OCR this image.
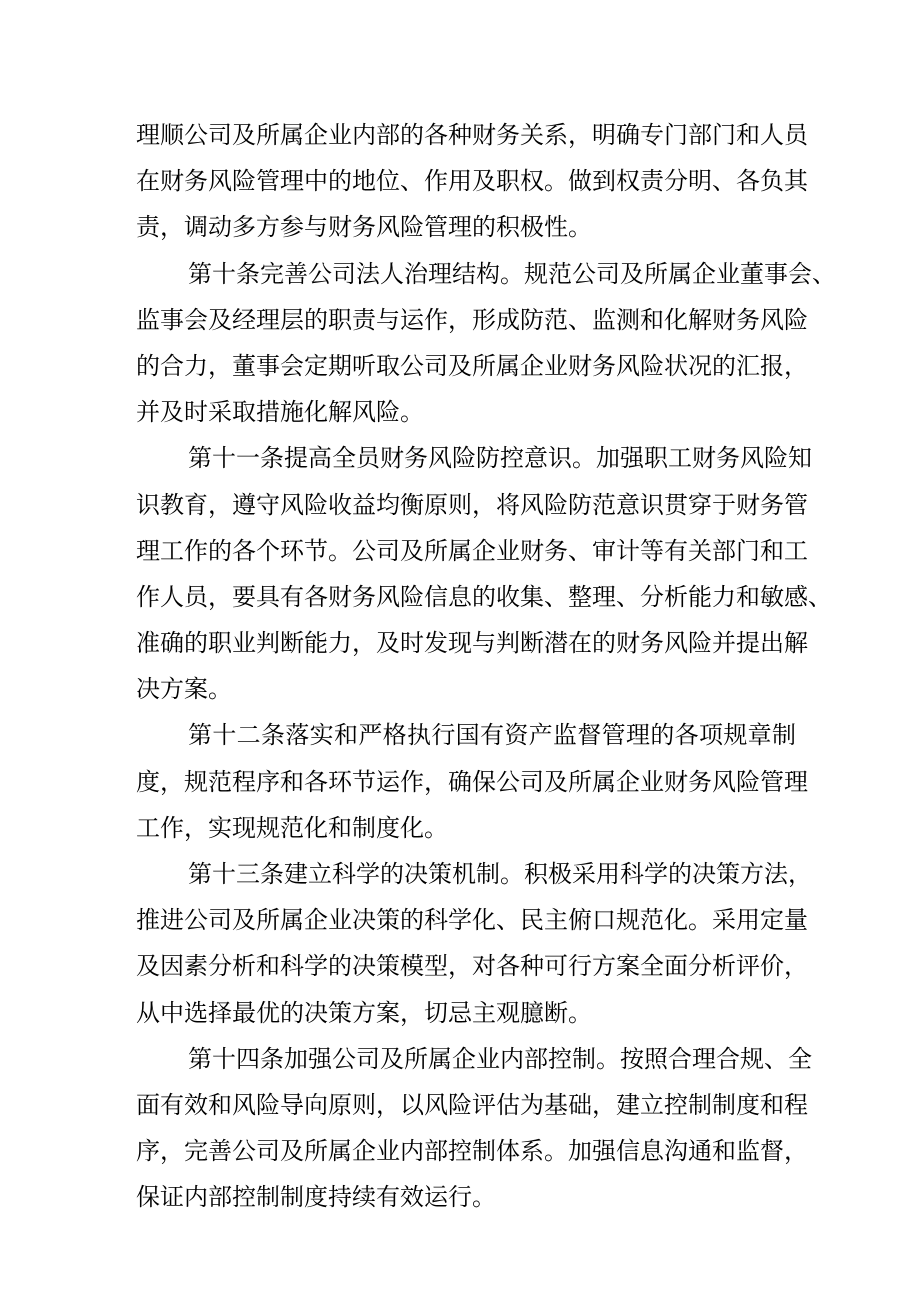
理顺公司及所属企业内部的各种财务关系，明确专门部门和人员
在财务风险管理中的地位、作用及职权。做到权责分明、各负其
责，调动多方参与财务风险管理的积极性。
第十条完善公司法人治理结构。规范公司及所属企业董事会、
监事会及经理层的职责与运作，形成防范、监测和化解财务风险
的合力，董事会定期听取公司及所属企业财务风险状况的汇报，
并及时采取措施化解风险。
第十一条提高全员财务风险防控意识。加强职工财务风险知
识教育，遵守风险收益均衡原则，将风险防范意识贯穿于财务管
理工作的各个环节。公司及所属企业财务、审计等有关部门和工
作人员，要具有各财务风险信息的收集、整理、分析能力和敏感、
准确的职业判断能力，及时发现与判断潜在的财务风险并提出解
决方案。
第十二条落实和严格执行国有资产监督管理的各项规章制
度，规范程序和各环节运作，确保公司及所属企业财务风险管理
工作，实现规范化和制度化。
第十三条建立科学的决策机制。积极采用科学的决策方法，
推进公司及所属企业决策的科学化、民主俯口规范化。采用定量
及因素分析和科学的决策模型，对各种可行方案全面分析评价，
从中选择最优的决策方案，切忌主观臆断。
第十四条加强公司及所属企业内部控制。按照合理合规、全
面有效和风险导向原则，以风险评估为基础，建立控制制度和程
序，完善公司及所属企业内部控制体系。加强信息沟通和监督，
保证内部控制制度持续有效运行。
